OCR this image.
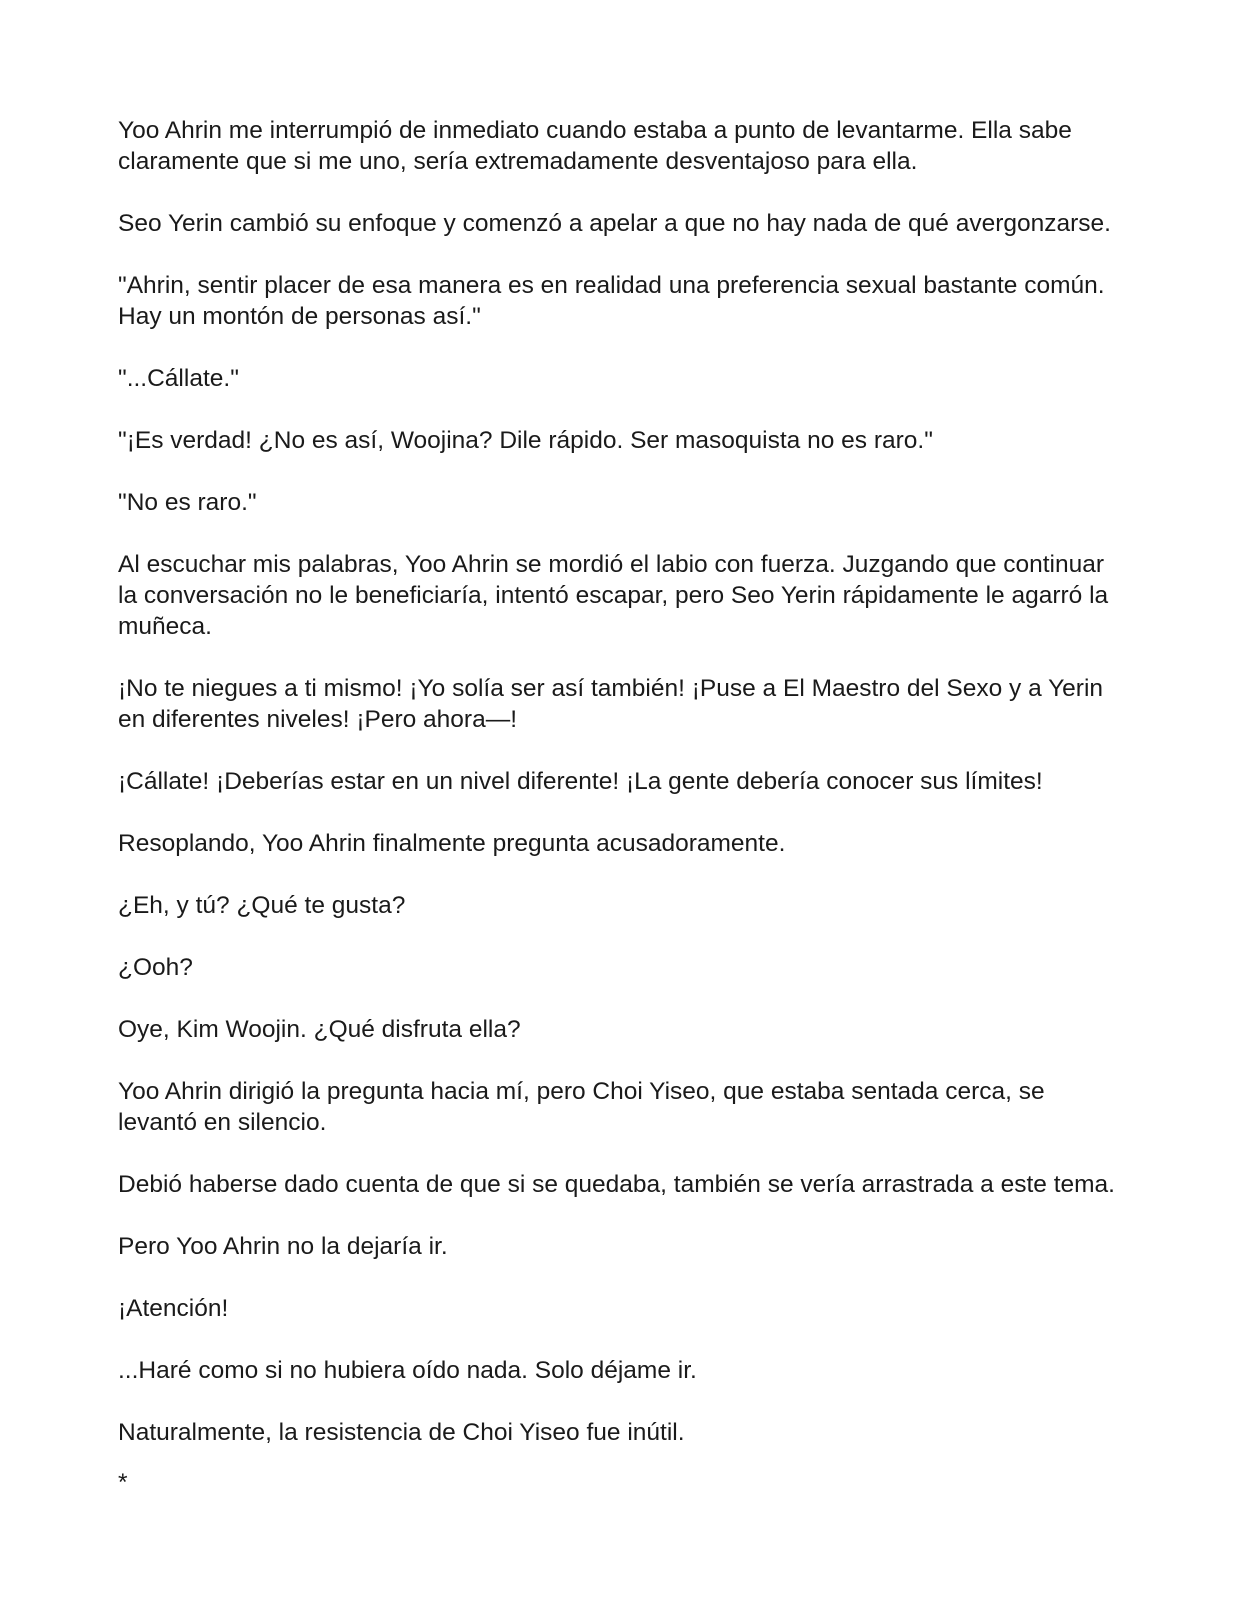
Yoo Ahrin me interrumpió de inmediato cuando estaba a punto de levantarme. Ella sabe claramente que si me uno, sería extremadamente desventajoso para ella.

Seo Yerin cambió su enfoque y comenzó a apelar a que no hay nada de qué avergonzarse.

"Ahrin, sentir placer de esa manera es en realidad una preferencia sexual bastante común. Hay un montón de personas así."

"...Cállate."

"¡Es verdad! ¿No es así, Woojina? Dile rápido. Ser masoquista no es raro."

"No es raro."

Al escuchar mis palabras, Yoo Ahrin se mordió el labio con fuerza. Juzgando que continuar la conversación no le beneficiaría, intentó escapar, pero Seo Yerin rápidamente le agarró la muñeca.

¡No te niegues a ti mismo! ¡Yo solía ser así también! ¡Puse a El Maestro del Sexo y a Yerin en diferentes niveles! ¡Pero ahora—!

¡Cállate! ¡Deberías estar en un nivel diferente! ¡La gente debería conocer sus límites!

Resoplando, Yoo Ahrin finalmente pregunta acusadoramente.

¿Eh, y tú? ¿Qué te gusta?

¿Ooh?

Oye, Kim Woojin. ¿Qué disfruta ella?

Yoo Ahrin dirigió la pregunta hacia mí, pero Choi Yiseo, que estaba sentada cerca, se levantó en silencio.

Debió haberse dado cuenta de que si se quedaba, también se vería arrastrada a este tema.

Pero Yoo Ahrin no la dejaría ir.

¡Atención!

...Haré como si no hubiera oído nada. Solo déjame ir.

Naturalmente, la resistencia de Choi Yiseo fue inútil.

*
